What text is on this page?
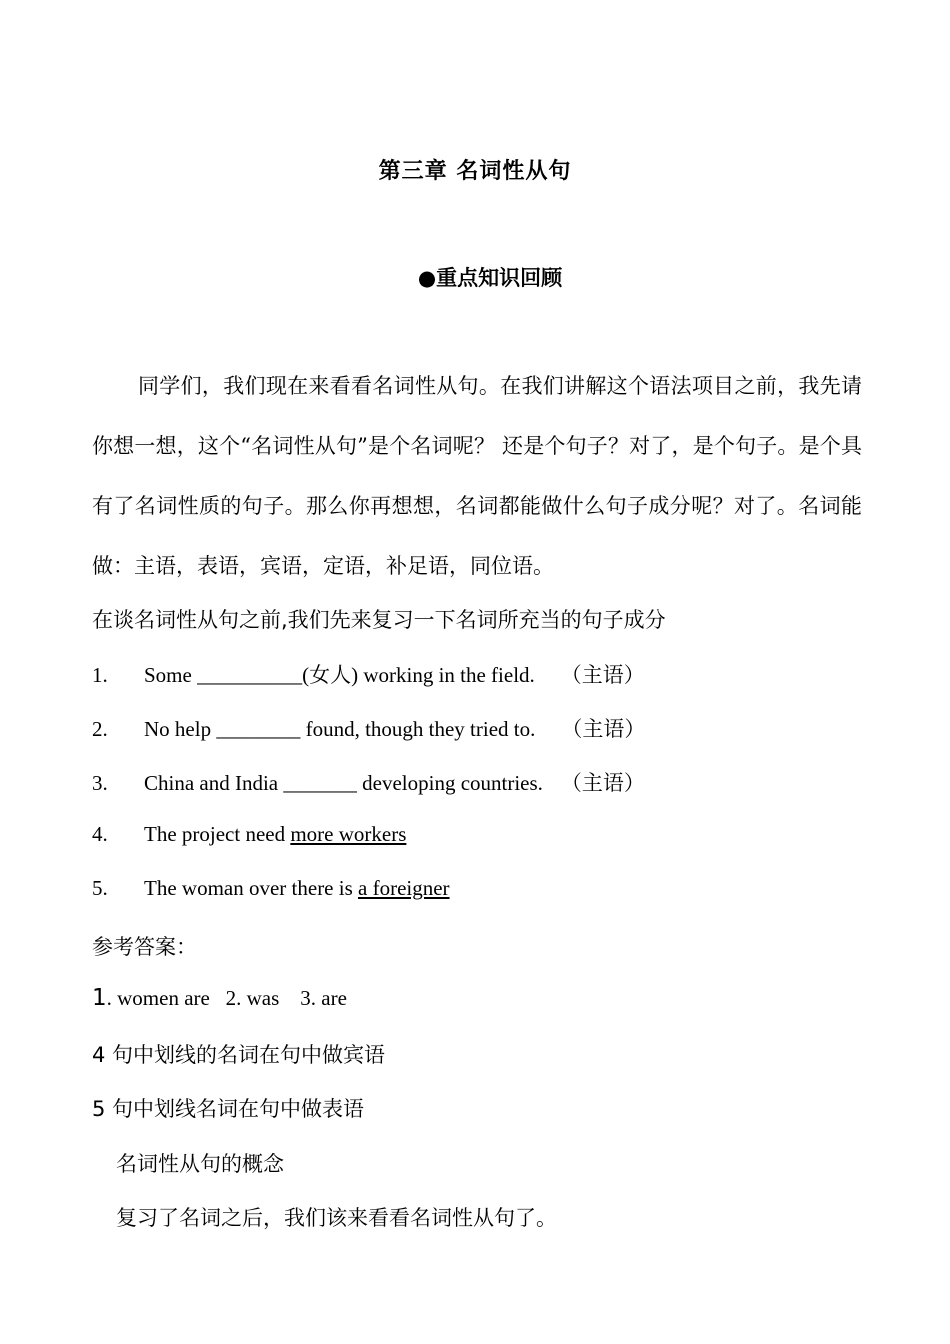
第三章 名词性从句
●重点知识回顾
同学们，我们现在来看看名词性从句。在我们讲解这个语法项目之前，我先请你想一想，这个“名词性从句”是个名词呢？ 还是个句子？对了，是个句子。是个具有了名词性质的句子。那么你再想想，名词都能做什么句子成分呢？对了。名词能做：主语，表语，宾语，定语，补足语，同位语。
在谈名词性从句之前,我们先来复习一下名词所充当的句子成分
1. Some __________(女人) working in the field. （主语）
2. No help ________ found, though they tried to. （主语）
3. China and India _______ developing countries. （主语）
4. The project need more workers
5. The woman over there is a foreigner
参考答案：
1. women are   2. was    3. are
4 句中划线的名词在句中做宾语
5 句中划线名词在句中做表语
名词性从句的概念
复习了名词之后，我们该来看看名词性从句了。
